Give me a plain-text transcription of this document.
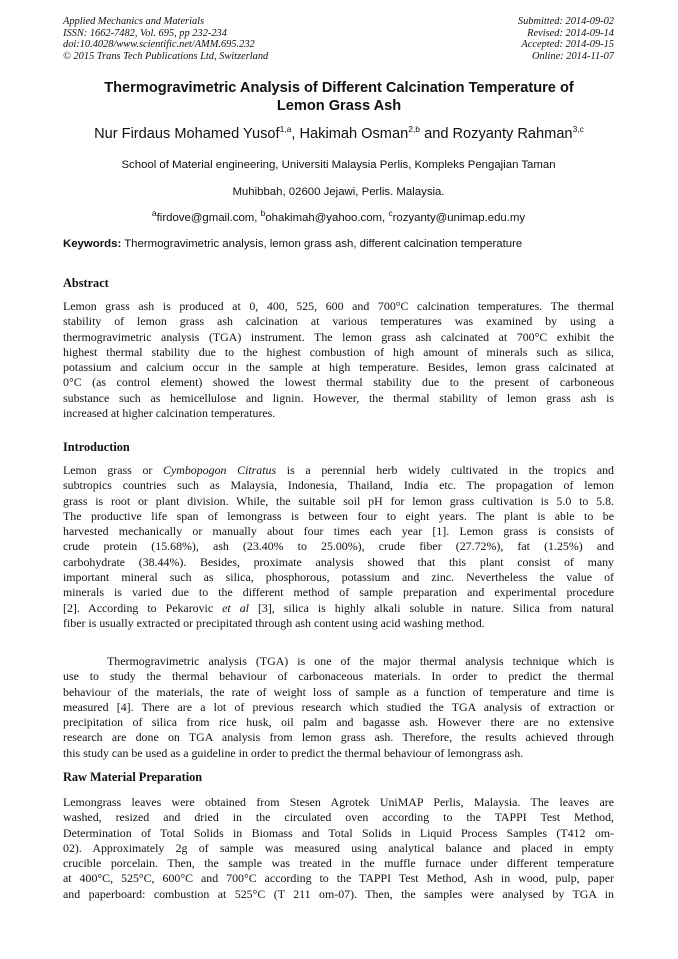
Applied Mechanics and Materials
ISSN: 1662-7482, Vol. 695, pp 232-234
doi:10.4028/www.scientific.net/AMM.695.232
© 2015 Trans Tech Publications Ltd, Switzerland
Submitted: 2014-09-02
Revised: 2014-09-14
Accepted: 2014-09-15
Online: 2014-11-07
Thermogravimetric Analysis of Different Calcination Temperature of
Lemon Grass Ash
Nur Firdaus Mohamed Yusof$^{1,a}$, Hakimah Osman$^{2,b}$ and Rozyanty Rahman$^{3,c}$
School of Material engineering, Universiti Malaysia Perlis, Kompleks Pengajian Taman
Muhibbah, 02600 Jejawi, Perlis. Malaysia.
$^a$firdove@gmail.com, $^b$ohakimah@yahoo.com, $^c$rozyanty@unimap.edu.my
Keywords: Thermogravimetric analysis, lemon grass ash, different calcination temperature
Abstract
Lemon grass ash is produced at 0, 400, 525, 600 and 700°C calcination temperatures. The thermal
stability of lemon grass ash calcination at various temperatures was examined by using a
thermogravimetric analysis (TGA) instrument. The lemon grass ash calcinated at 700°C exhibit the
highest thermal stability due to the highest combustion of high amount of minerals such as silica,
potassium and calcium occur in the sample at high temperature. Besides, lemon grass calcinated at
0°C (as control element) showed the lowest thermal stability due to the present of carboneous
substance such as hemicellulose and lignin. However, the thermal stability of lemon grass ash is
increased at higher calcination temperatures.
Introduction
Lemon grass or Cymbopogon Citratus is a perennial herb widely cultivated in the tropics and
subtropics countries such as Malaysia, Indonesia, Thailand, India etc. The propagation of lemon
grass is root or plant division. While, the suitable soil pH for lemon grass cultivation is 5.0 to 5.8.
The productive life span of lemongrass is between four to eight years. The plant is able to be
harvested mechanically or manually about four times each year [1]. Lemon grass is consists of
crude protein (15.68%), ash (23.40% to 25.00%), crude fiber (27.72%), fat (1.25%) and
carbohydrate (38.44%). Besides, proximate analysis showed that this plant consist of many
important mineral such as silica, phosphorous, potassium and zinc. Nevertheless the value of
minerals is varied due to the different method of sample preparation and experimental procedure
[2]. According to Pekarovic et al [3], silica is highly alkali soluble in nature. Silica from natural
fiber is usually extracted or precipitated through ash content using acid washing method.
Thermogravimetric analysis (TGA) is one of the major thermal analysis technique which is
use to study the thermal behaviour of carbonaceous materials. In order to predict the thermal
behaviour of the materials, the rate of weight loss of sample as a function of temperature and time is
measured [4]. There are a lot of previous research which studied the TGA analysis of extraction or
precipitation of silica from rice husk, oil palm and bagasse ash. However there are no extensive
research are done on TGA analysis from lemon grass ash. Therefore, the results achieved through
this study can be used as a guideline in order to predict the thermal behaviour of lemongrass ash.
Raw Material Preparation
Lemongrass leaves were obtained from Stesen Agrotek UniMAP Perlis, Malaysia. The leaves are
washed, resized and dried in the circulated oven according to the TAPPI Test Method,
Determination of Total Solids in Biomass and Total Solids in Liquid Process Samples (T412 om-
02). Approximately 2g of sample was measured using analytical balance and placed in empty
crucible porcelain. Then, the sample was treated in the muffle furnace under different temperature
at 400°C, 525°C, 600°C and 700°C according to the TAPPI Test Method, Ash in wood, pulp, paper
and paperboard: combustion at 525°C (T 211 om-07). Then, the samples were analysed by TGA in
